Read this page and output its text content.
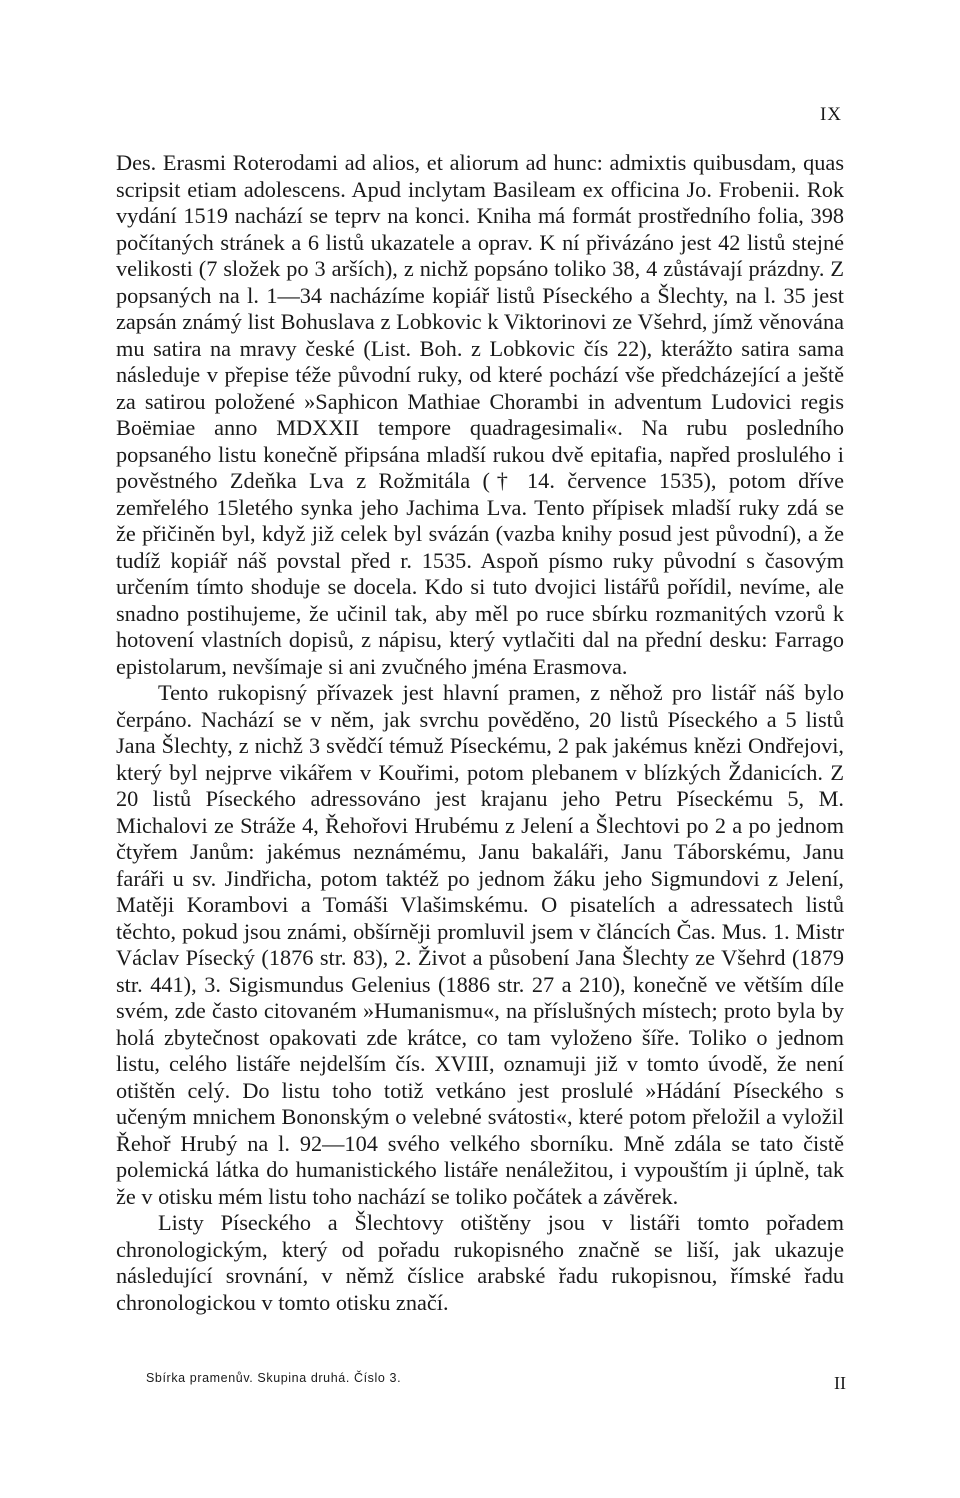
IX

Des. Erasmi Roterodami ad alios, et aliorum ad hunc: admixtis quibusdam, quas scripsit etiam adolescens. Apud inclytam Basileam ex officina Jo. Frobenii. Rok vydání 1519 nachází se teprv na konci. Kniha má formát prostředního folia, 398 počítaných stránek a 6 listů ukazatele a oprav. K ní přivázáno jest 42 listů stejné velikosti (7 složek po 3 arších), z nichž popsáno toliko 38, 4 zůstávají prázdny. Z popsaných na l. 1—34 nacházíme kopiář listů Píseckého a Šlechty, na l. 35 jest zapsán známý list Bohuslava z Lobkovic k Viktorinovi ze Všehrd, jímž věnována mu satira na mravy české (List. Boh. z Lobkovic čís 22), kterážto satira sama následuje v přepise téže původní ruky, od které pochází vše předcházející a ještě za satirou položené »Saphicon Mathiae Chorambi in adventum Ludovici regis Boëmiae anno MDXXII tempore quadragesimali«. Na rubu posledního popsaného listu konečně připsána mladší rukou dvě epitafia, napřed proslulého i pověstného Zdeňka Lva z Rožmitála († 14. července 1535), potom dříve zemřelého 15letého synka jeho Jachima Lva. Tento přípisek mladší ruky zdá se že přičiněn byl, když již celek byl svázán (vazba knihy posud jest původní), a že tudíž kopiář náš povstal před r. 1535. Aspoň písmo ruky původní s časovým určením tímto shoduje se docela. Kdo si tuto dvojici listářů pořídil, nevíme, ale snadno postihujeme, že učinil tak, aby měl po ruce sbírku rozmanitých vzorů k hotovení vlastních dopisů, z nápisu, který vytlačiti dal na přední desku: Farrago epistolarum, nevšímaje si ani zvučného jména Erasmova.

Tento rukopisný přívazek jest hlavní pramen, z něhož pro listář náš bylo čerpáno. Nachází se v něm, jak svrchu pověděno, 20 listů Píseckého a 5 listů Jana Šlechty, z nichž 3 svědčí témuž Píseckému, 2 pak jakémus knězi Ondřejovi, který byl nejprve vikářem v Kouřimi, potom plebanem v blízkých Ždanicích. Z 20 listů Píseckého adressováno jest krajanu jeho Petru Píseckému 5, M. Michalovi ze Stráže 4, Řehořovi Hrubému z Jelení a Šlechtovi po 2 a po jednom čtyřem Janům: jakémus neznámému, Janu bakaláři, Janu Táborskému, Janu faráři u sv. Jindřicha, potom taktéž po jednom žáku jeho Sigmundovi z Jelení, Matěji Korambovi a Tomáši Vlašimskému. O pisatelích a adressatech listů těchto, pokud jsou známi, obšírněji promluvil jsem v článcích Čas. Mus. 1. Mistr Václav Písecký (1876 str. 83), 2. Život a působení Jana Šlechty ze Všehrd (1879 str. 441), 3. Sigismundus Gelenius (1886 str. 27 a 210), konečně ve větším díle svém, zde často citovaném »Humanismu«, na příslušných místech; proto byla by holá zbytečnost opakovati zde krátce, co tam vyloženo šíře. Toliko o jednom listu, celého listáře nejdelším čís. XVIII, oznamuji již v tomto úvodě, že není otištěn celý. Do listu toho totiž vetkáno jest proslulé »Hádání Píseckého s učeným mnichem Bononským o velebné svátosti«, které potom přeložil a vyložil Řehoř Hrubý na l. 92—104 svého velkého sborníku. Mně zdála se tato čistě polemická látka do humanistického listáře nenáležitou, i vypouštím ji úplně, tak že v otisku mém listu toho nachází se toliko počátek a závěrek.

Listy Píseckého a Šlechtovy otištěny jsou v listáři tomto pořadem chronologickým, který od pořadu rukopisného značně se liší, jak ukazuje následující srovnání, v němž číslice arabské řadu rukopisnou, římské řadu chronologickou v tomto otisku značí.

Sbírka pramenův. Skupina druhá. Číslo 3.	II
